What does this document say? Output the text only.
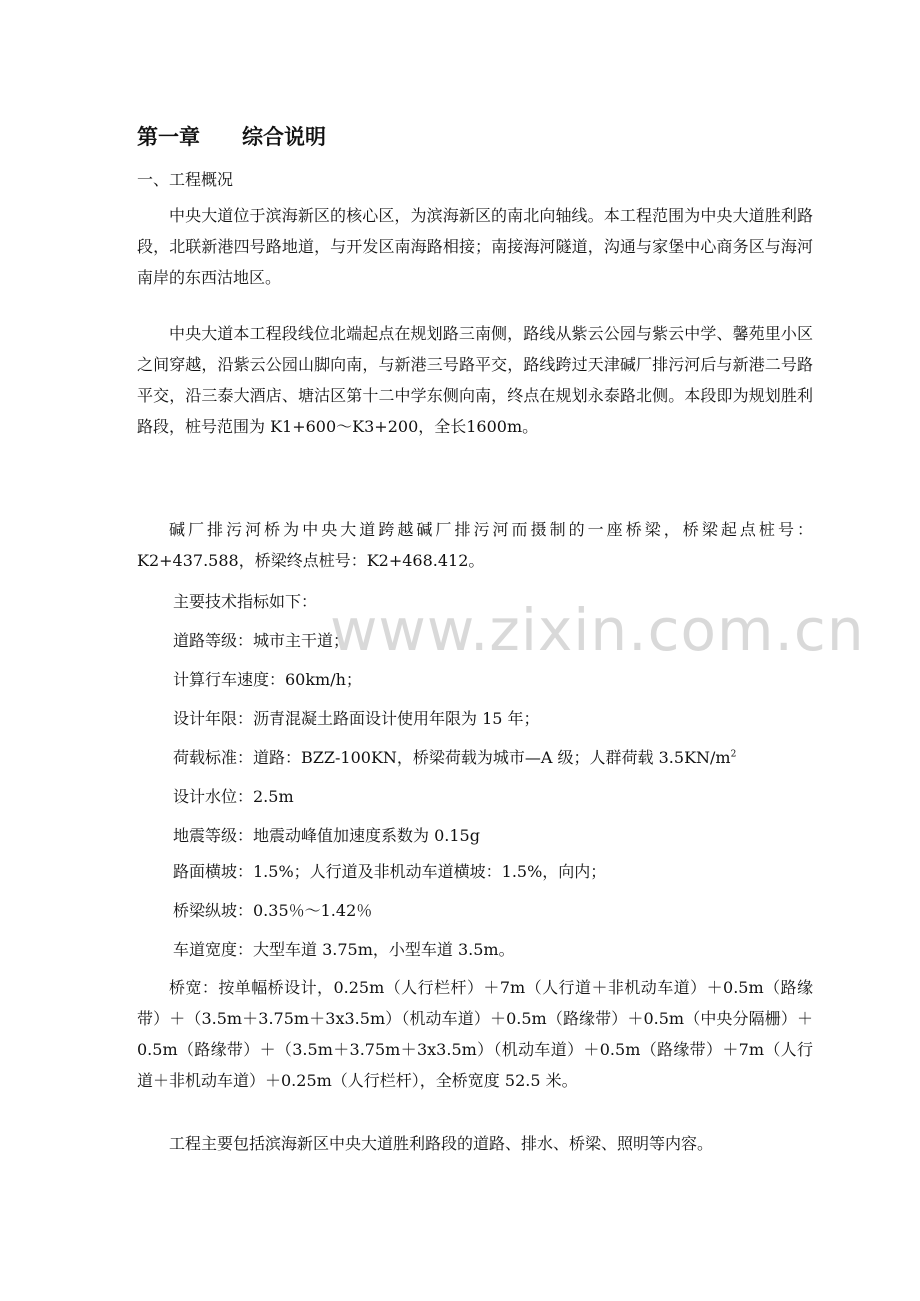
第一章　　综合说明
一、工程概况

中央大道位于滨海新区的核心区，为滨海新区的南北向轴线。本工程范围为中央大道胜利路段，北联新港四号路地道，与开发区南海路相接；南接海河隧道，沟通与家堡中心商务区与海河南岸的东西沽地区。

中央大道本工程段线位北端起点在规划路三南侧，路线从紫云公园与紫云中学、馨苑里小区之间穿越，沿紫云公园山脚向南，与新港三号路平交，路线跨过天津碱厂排污河后与新港二号路平交，沿三泰大酒店、塘沽区第十二中学东侧向南，终点在规划永泰路北侧。本段即为规划胜利路段，桩号范围为 K1+600～K3+200，全长1600m。

碱厂排污河桥为中央大道跨越碱厂排污河而摄制的一座桥梁，桥梁起点桩号：K2+437.588，桥梁终点桩号：K2+468.412。

主要技术指标如下：
道路等级：城市主干道；
计算行车速度：60km/h；
设计年限：沥青混凝土路面设计使用年限为 15 年；
荷载标准：道路：BZZ-100KN，桥梁荷载为城市—A 级；人群荷载 $3.5KN/m^2$
设计水位：2.5m
地震等级：地震动峰值加速度系数为 0.15g
路面横坡：1.5%；人行道及非机动车道横坡：1.5%，向内；
桥梁纵坡：0.35％～1.42％
车道宽度：大型车道 3.75m，小型车道 3.5m。

桥宽：按单幅桥设计，0.25m（人行栏杆）＋7m（人行道＋非机动车道）＋0.5m（路缘带）＋（3.5m＋3.75m＋3x3.5m）（机动车道）＋0.5m（路缘带）＋0.5m（中央分隔栅）＋0.5m（路缘带）＋（3.5m＋3.75m＋3x3.5m）（机动车道）＋0.5m（路缘带）＋7m（人行道＋非机动车道）＋0.25m（人行栏杆），全桥宽度 52.5 米。

工程主要包括滨海新区中央大道胜利路段的道路、排水、桥梁、照明等内容。

www.zixin.com.cn
